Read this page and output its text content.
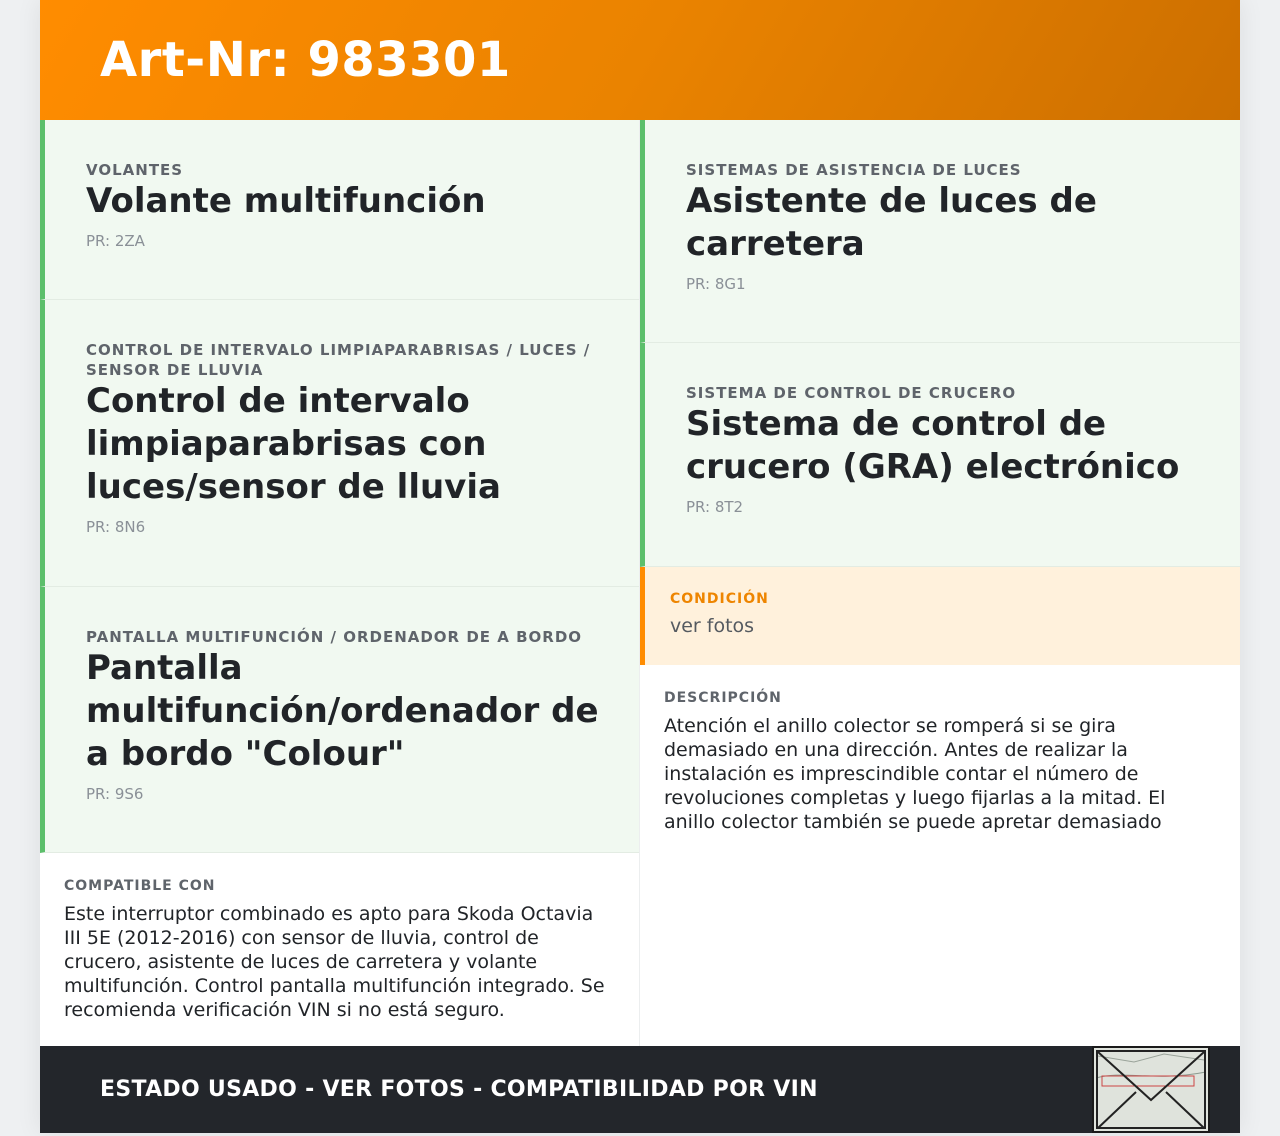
Art-Nr: 983301
VOLANTES
Volante multifunción
PR: 2ZA
CONTROL DE INTERVALO LIMPIAPARABRISAS / LUCES / SENSOR DE LLUVIA
Control de intervalo limpiaparabrisas con luces/sensor de lluvia
PR: 8N6
PANTALLA MULTIFUNCIÓN / ORDENADOR DE A BORDO
Pantalla multifunción/ordenador de a bordo "Colour"
PR: 9S6
COMPATIBLE CON
Este interruptor combinado es apto para Skoda Octavia III 5E (2012-2016) con sensor de lluvia, control de crucero, asistente de luces de carretera y volante multifunción. Control pantalla multifunción integrado. Se recomienda verificación VIN si no está seguro.
SISTEMAS DE ASISTENCIA DE LUCES
Asistente de luces de carretera
PR: 8G1
SISTEMA DE CONTROL DE CRUCERO
Sistema de control de crucero (GRA) electrónico
PR: 8T2
CONDICIÓN
ver fotos
DESCRIPCIÓN
Atención el anillo colector se romperá si se gira demasiado en una dirección. Antes de realizar la instalación es imprescindible contar el número de revoluciones completas y luego fijarlas a la mitad. El anillo colector también se puede apretar demasiado
ESTADO USADO - VER FOTOS - COMPATIBILIDAD POR VIN
